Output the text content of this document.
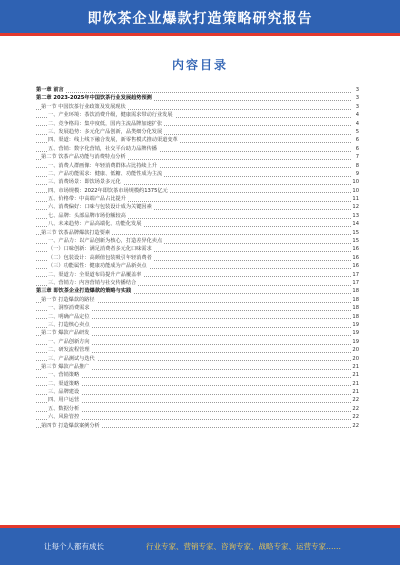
即饮茶企业爆款打造策略研究报告
内容目录
第一章 前言	3
第二章 2023-2025年中国饮茶行业发展趋势预测	3
第一节 中国饮茶行业政策及发展现状	3
一、产业环境：茶饮消费升级，健康需求带动行业发展	4
二、竞争格局：集中度低，国内主流品牌加速扩张	4
三、发展趋势：多元化产品创新，品类细分化发展	5
四、渠道：线上线下融合发展，新零售模式推动渠道变革	6
五、营销：数字化营销，社交平台助力品牌传播	6
第二节 饮茶产品功能与消费特点分析	7
一、消费人群画像：年轻消费群体占比持续上升	8
二、产品功能需求：健康、低糖、功能性成为主流	9
三、消费场景：即饮场景多元化	10
四、市场规模：2022年即饮茶市场规模约1375亿元	10
五、价格带：中高端产品占比提升	11
六、消费偏好：口味与包装设计成为关键因素	12
七、品牌：头部品牌市场份额较高	13
八、未来趋势：产品高端化、功能化发展	14
第三节 饮茶品牌爆款打造要素	15
一、产品力：以产品创新为核心，打造差异化卖点	15
（一）口味创新：满足消费者多元化口味需求	16
（二）包装设计：高颜值包装吸引年轻消费者	16
（三）功能属性：健康功能成为产品新卖点	16
二、渠道力：全渠道布局提升产品覆盖率	17
三、营销力：内容营销与社交传播结合	17
第三章 即饮茶企业打造爆款的策略与实践	18
第一节 打造爆款的路径	18
一、洞察消费需求	18
二、明确产品定位	18
三、打造核心卖点	19
第二节 爆款产品研发	19
一、产品创新方向	19
二、研发流程管理	20
三、产品测试与迭代	20
第三节 爆款产品推广	21
一、营销策略	21
二、渠道策略	21
三、品牌建设	21
四、用户运营	22
五、数据分析	22
六、风险管控	22
第四节 打造爆款案例分析	22
让每个人都有成长	行业专家、营销专家、咨询专家、战略专家、运营专家……
